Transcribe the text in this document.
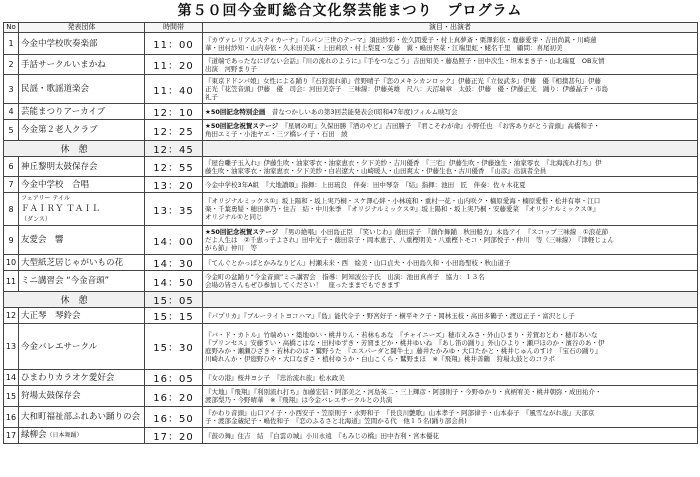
第５０回今金町総合文化祭芸能まつり　プログラム
No	発表団体	時間帯	演目・出演者
1	今金中学校吹奏楽部	11：00	『カヴァレリアルスティカーナ』『ルパン三世のテーマ』須田紗彩・佐久間愛子・村上真夢斎・栗澤彩依・鹿藤愛芽・吉田尚眞・川崎蓮
華・田村紗知・山内寿依・久米田美眞・上田莉玖・村上梨夏・安藤　翼・嶋田契菜・江端里虹・蛯名千里　顧問：喜尾初美
2	手話サークルいまかね	11：20	『道端であったなにげない会話』『川の流れのように』『手をつなごう』吉田知美・藤島照子・田中次生・坦本まき子・山北瑞夏　OB友情
出演　河野まり子
3	民謡・歌謡道楽会	11：40	『東京ドドンパ娘』女性による踊り『石狩流れ節』菅野晴子『恋のメキシカンロック』伊藤正光『立佞武多』伊藤　優『相撲甚句』伊藤
正光『花笠音頭』伊藤　優　司会：河田美奈子　三味線：伊藤英雄　尺八：天沼瑞章　太鼓：伊藤　優・伊藤正光　踊り：伊藤晶子・市島
礼子
4	芸能まつりアーカイブ	12：10	★50回記念特別企画　 昔なつかしいあの第3回芸能発表会(昭和47年度)フィルム映写会
5	今金第２老人クラブ	12：25	★50回記念祝賀ステージ　 『星屑の町』久保田勝『酒のやど』吉田勝子　『君こそわが命』小野任也　『お客ありがとう音頭』高橋和子・
角田エミ子・小池ヤエ・三ツ橋レイ子・石田　綾
休　憩		12：45	
6	神丘黎明太鼓保存会	12：55	『屋台囃子玉入れ』伊藤生吹・油家零衣・油家恵衣・夕下美紗・吉川優香　『三宅』伊藤生吹・伊藤逸生・油家零衣　『北海流れ打ち』伊
藤生吹・油家零衣・油家恵衣・夕下美紗・白岩遼大・山崎暖人・山田爽太・伊藤生也・古川優香　『山彦』出演者全員
7	今金中学校　合唱	13：20	今金中学校3年A組　『大地讃頌』指揮：上田琉良　伴奏：田中琴奈　『結』指揮：池田　匠　伴奏：佐々木花夏
8	フェアリー テイル
ＦＡＩＲＹ ＴＡＩＬ
（ダンス）	13：35	『オリジナルミックス①』坂上陽和・坂上実乃桐・スケ澤心絆・小林琉和・重村一花・山内咲ク・楠原愛海・楠原愛惟・松井有寧・江口
楽・千葉勇疑・穂田夢乃・住吉　結・中川朱季　『オリジナルミックス②』坂上陽和・坂上実乃桐・安藤愛菜　『オリジナルミックス③』
オリジナル①と同じ
9	友愛会　響	14：00	★50回記念祝賀ステージ　 『男の絶唱』小田島正臣　『笑いじわ』蔭田京子　『創作舞踊　秋田船方』木島アイ　『スコップ三味線　①浪花節
だよ人生は　②千恵っ子よされ』田中光子・蔭田京子・岡本恵子、八重樫明美・八重樫トモコ・阿部悦子・仲川　等（三味線）　『津軽じょん
がら節』仲川　等
10	大型紙芝居じゃがいもの花	14：30	『てんぐとかっぱとかみなりどん』村瀬未来・西　絵美・山口貞夫・小田島久和・小田島聖枝・秋山道子
11	ミニ講習会 “今金音頭”	14：50	今金町の盆踊り“今金音頭”ミニ講習会　指導：阿知波公子氏　出演：池田真喜子　協力：１３名
会場の皆さんもぜひ参加してください！　座ったままでもできます
休　憩		15：05	
12	大正琴　琴鈴会	15：15	『パプリカ』『ブルーライトヨコハマ』『島』能代令子・野宮好子・横平キク子・岡林玉枝・高田多鶴子・渡辺正子・富沢とし子
13	今金バレエサークル	15：30	『バ・ド・カトル』竹端めい・築地ゆい・桃井りん・若林もあな　『チャイニーズ』穂市えみさ・外山ひまり・芳賀おとわ・穂市あいな
『プリンセス』安藤すい・高橋こはな・田村ゆずき・芳賀まどか・桃井ゆいね　『あし笛の踊り』外山ひより・瀬戸ほのか・濱谷のあ・伊
庭野みか・瀬瀬ひざき・若林わのは・鷲野うた　『エスパーダと闘牛士』藤井たかみゆ・大口たかと・桃井じゅんのすけ　『宝石の踊り』
川崎れんか・伊庭野ひや・大口なぎさ・植村ゆうか・白山こくら・鷲野まほ　※『飛翔』桃井善鶴　狩場太鼓とのコラボ
14	ひまわりカラオケ愛好会	16：05	『女の港』桜井ヨシ子　『忠治流れ旅』松永政美
15	狩場太鼓保存会	16：20	『大地』『飛翔』『利別流れ打ち』加藤宏信・阿部美之・河島英二・三上輝彦・阿部則子・今野ゆかり・真柄宥美・桃井朝弥・成田祐介・
渡部梨乃・今野晴華　※『飛翔』は今金バレエサークルとの共演
16	大和町福祉部ふれあい踊りの会	16：50	『かわり音頭』山口アイ子・小西安子・笠原則子・水野和子　『長良川艶歌』山本孝子・阿部律子・山本泰子　『風雪ながれ旅』天部京
子・渡部金蔵紀子・嶋佐和子　『恋のふるさと北海道』笠間かる代　他１５名(踊り部会員)
17	緑柳会（日本舞踊）	17：20	『鼓の舞』住吉　結　『白雲の城』小川永遠　『もみじの橋』田中杏利・宮本優花
